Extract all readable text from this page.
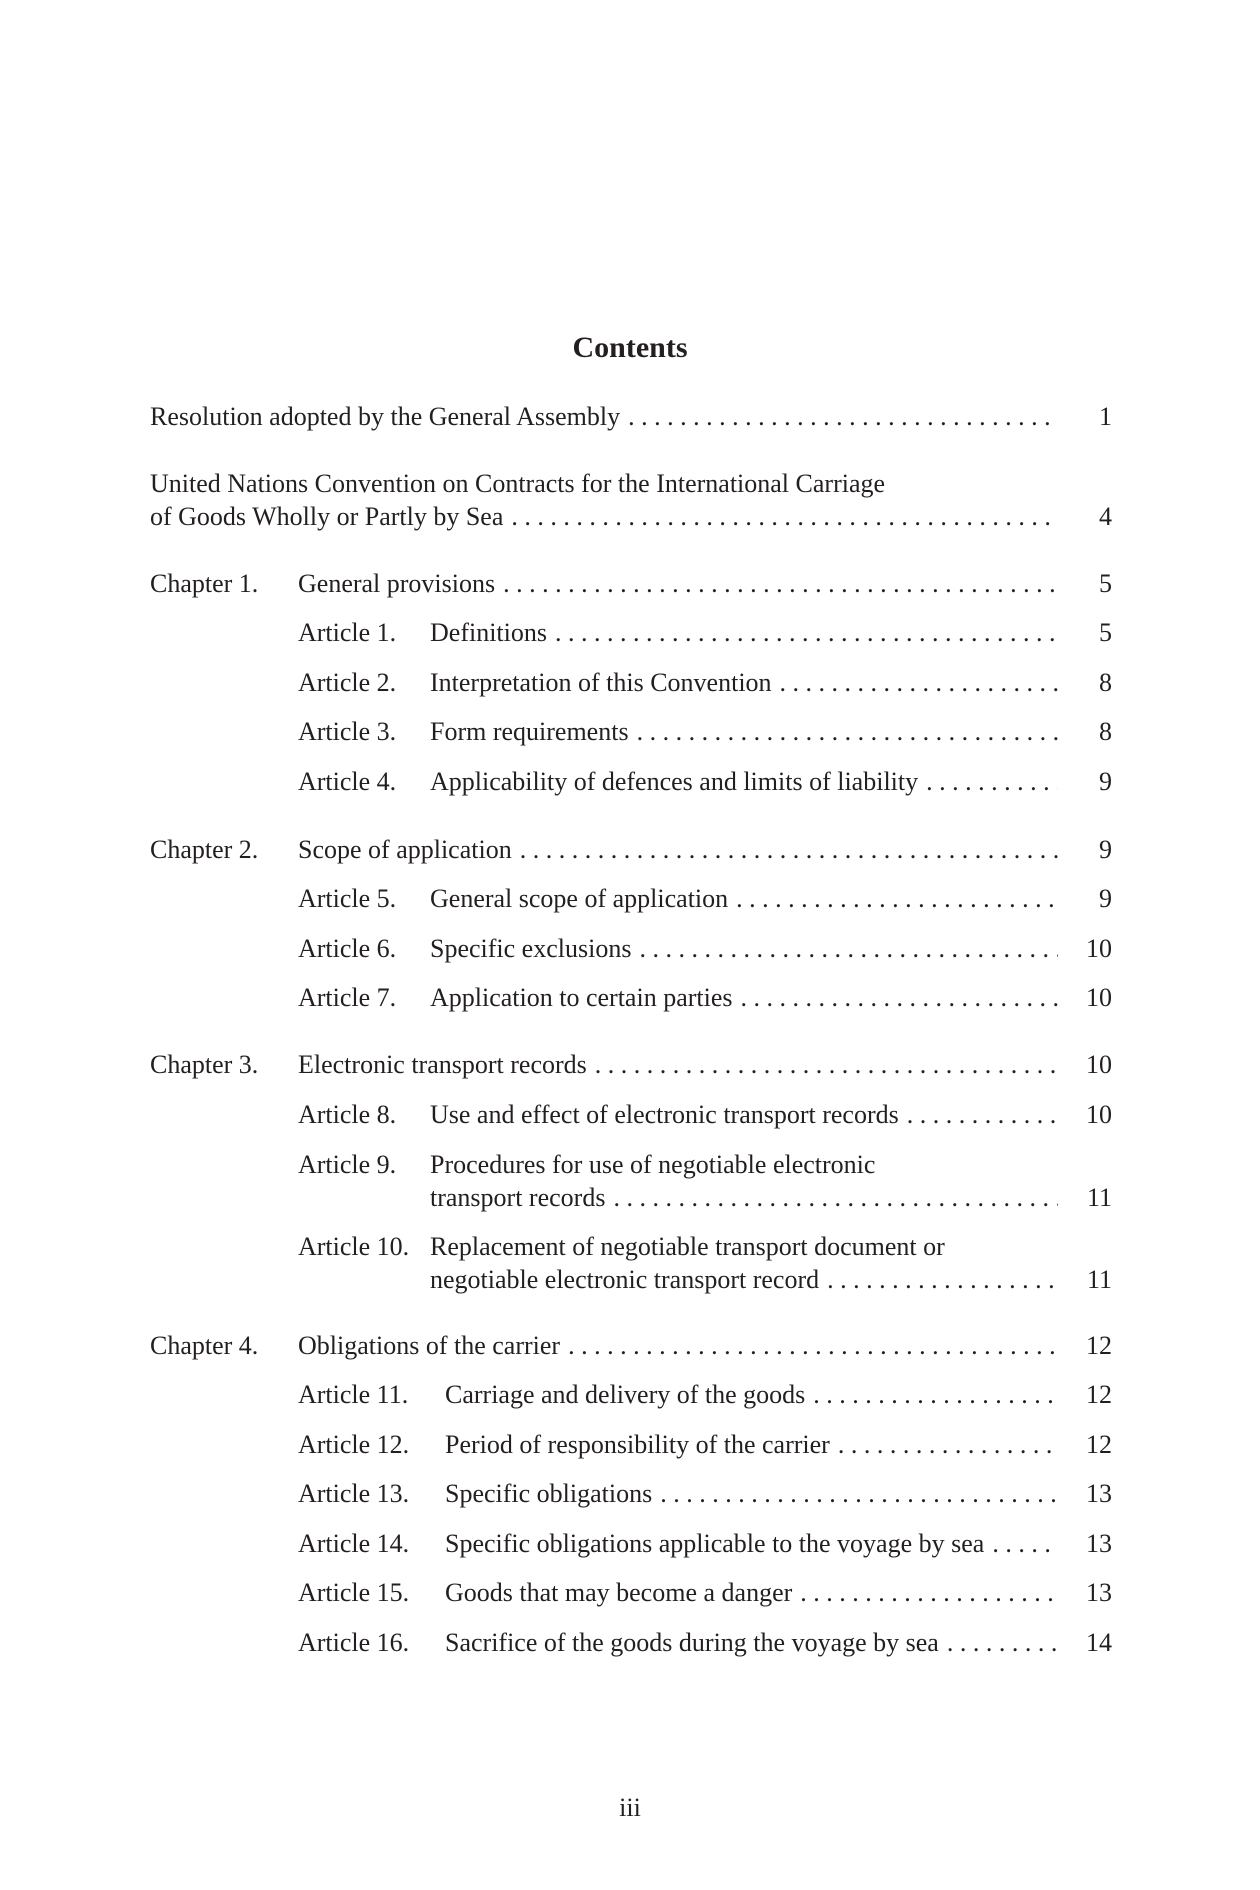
Contents
Resolution adopted by the General Assembly . . .	1
United Nations Convention on Contracts for the International Carriage
of Goods Wholly or Partly by Sea . . .	4
Chapter 1. General provisions . . .	5
Article 1. Definitions . . .	5
Article 2. Interpretation of this Convention . . .	8
Article 3. Form requirements . . .	8
Article 4. Applicability of defences and limits of liability . . .	9
Chapter 2. Scope of application . . .	9
Article 5. General scope of application . . .	9
Article 6. Specific exclusions . . .	10
Article 7. Application to certain parties . . .	10
Chapter 3. Electronic transport records . . .	10
Article 8. Use and effect of electronic transport records . . .	10
Article 9. Procedures for use of negotiable electronic
transport records . . .	11
Article 10. Replacement of negotiable transport document or
negotiable electronic transport record . . .	11
Chapter 4. Obligations of the carrier . . .	12
Article 11. Carriage and delivery of the goods . . .	12
Article 12. Period of responsibility of the carrier . . .	12
Article 13. Specific obligations . . .	13
Article 14. Specific obligations applicable to the voyage by sea . . .	13
Article 15. Goods that may become a danger . . .	13
Article 16. Sacrifice of the goods during the voyage by sea . . .	14
iii
